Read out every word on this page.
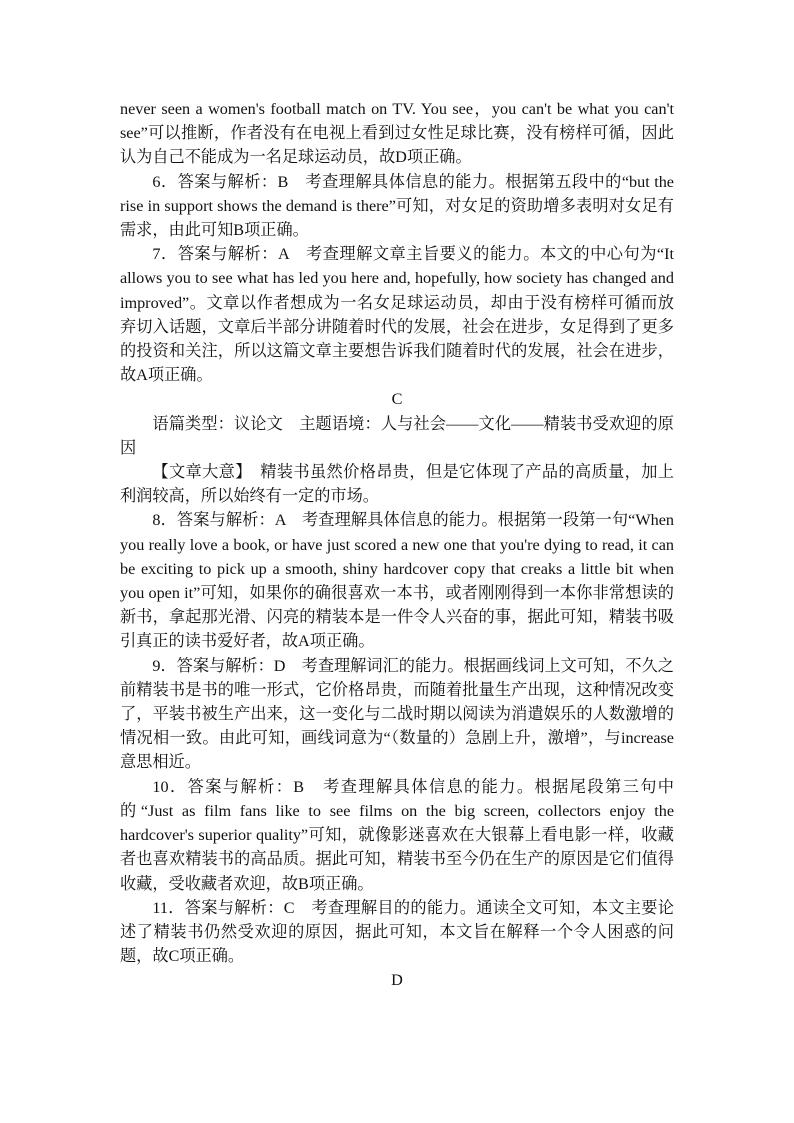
never seen a women's football match on TV. You see，you can't be what you can't see”可以推断，作者没有在电视上看到过女性足球比赛，没有榜样可循，因此认为自己不能成为一名足球运动员，故D项正确。

6．答案与解析：B　考查理解具体信息的能力。根据第五段中的“but the rise in support shows the demand is there”可知，对女足的资助增多表明对女足有需求，由此可知B项正确。

7．答案与解析：A　考查理解文章主旨要义的能力。本文的中心句为“It allows you to see what has led you here and, hopefully, how society has changed and improved”。文章以作者想成为一名女足球运动员，却由于没有榜样可循而放弃切入话题，文章后半部分讲随着时代的发展，社会在进步，女足得到了更多的投资和关注，所以这篇文章主要想告诉我们随着时代的发展，社会在进步，故A项正确。

C

语篇类型：议论文　主题语境：人与社会——文化——精装书受欢迎的原因

【文章大意】　精装书虽然价格昂贵，但是它体现了产品的高质量，加上利润较高，所以始终有一定的市场。

8．答案与解析：A　考查理解具体信息的能力。根据第一段第一句“When you really love a book, or have just scored a new one that you're dying to read, it can be exciting to pick up a smooth, shiny hardcover copy that creaks a little bit when you open it”可知，如果你的确很喜欢一本书，或者刚刚得到一本你非常想读的新书，拿起那光滑、闪亮的精装本是一件令人兴奋的事，据此可知，精装书吸引真正的读书爱好者，故A项正确。

9．答案与解析：D　考查理解词汇的能力。根据画线词上文可知，不久之前精装书是书的唯一形式，它价格昂贵，而随着批量生产出现，这种情况改变了，平装书被生产出来，这一变化与二战时期以阅读为消遣娱乐的人数激增的情况相一致。由此可知，画线词意为“（数量的）急剧上升，激增”，与increase意思相近。

10．答案与解析：B　考查理解具体信息的能力。根据尾段第三句中的“Just as film fans like to see films on the big screen, collectors enjoy the hardcover's superior quality”可知，就像影迷喜欢在大银幕上看电影一样，收藏者也喜欢精装书的高品质。据此可知，精装书至今仍在生产的原因是它们值得收藏，受收藏者欢迎，故B项正确。

11．答案与解析：C　考查理解目的的能力。通读全文可知，本文主要论述了精装书仍然受欢迎的原因，据此可知，本文旨在解释一个令人困惑的问题，故C项正确。

D
